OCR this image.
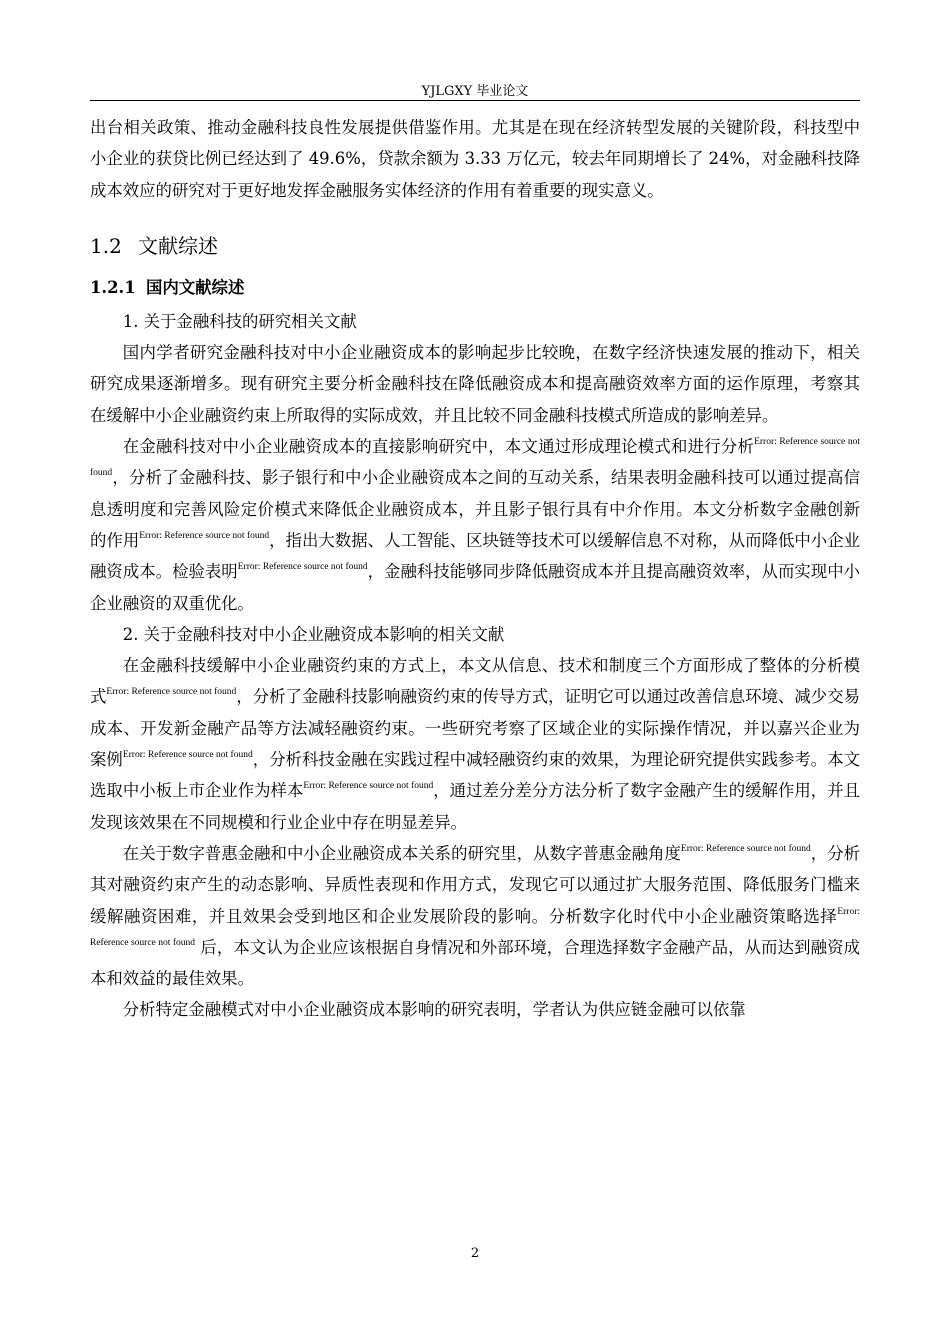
YJLGXY 毕业论文

出台相关政策、推动金融科技良性发展提供借鉴作用。尤其是在现在经济转型发展的关键阶段，科技型中小企业的获贷比例已经达到了 49.6%，贷款余额为 3.33 万亿元，较去年同期增长了 24%，对金融科技降成本效应的研究对于更好地发挥金融服务实体经济的作用有着重要的现实意义。

1.2 文献综述
1.2.1 国内文献综述

1. 关于金融科技的研究相关文献

国内学者研究金融科技对中小企业融资成本的影响起步比较晚，在数字经济快速发展的推动下，相关研究成果逐渐增多。现有研究主要分析金融科技在降低融资成本和提高融资效率方面的运作原理，考察其在缓解中小企业融资约束上所取得的实际成效，并且比较不同金融科技模式所造成的影响差异。

在金融科技对中小企业融资成本的直接影响研究中，本文通过形成理论模式和进行分析$^{Error: Reference source not found}$，分析了金融科技、影子银行和中小企业融资成本之间的互动关系，结果表明金融科技可以通过提高信息透明度和完善风险定价模式来降低企业融资成本，并且影子银行具有中介作用。本文分析数字金融创新的作用$^{Error: Reference source not found}$，指出大数据、人工智能、区块链等技术可以缓解信息不对称，从而降低中小企业融资成本。检验表明$^{Error: Reference source not found}$，金融科技能够同步降低融资成本并且提高融资效率，从而实现中小企业融资的双重优化。

2. 关于金融科技对中小企业融资成本影响的相关文献

在金融科技缓解中小企业融资约束的方式上，本文从信息、技术和制度三个方面形成了整体的分析模式$^{Error: Reference source not found}$，分析了金融科技影响融资约束的传导方式，证明它可以通过改善信息环境、减少交易成本、开发新金融产品等方法减轻融资约束。一些研究考察了区域企业的实际操作情况，并以嘉兴企业为案例$^{Error: Reference source not found}$，分析科技金融在实践过程中减轻融资约束的效果，为理论研究提供实践参考。本文选取中小板上市企业作为样本$^{Error: Reference source not found}$，通过差分差分方法分析了数字金融产生的缓解作用，并且发现该效果在不同规模和行业企业中存在明显差异。

在关于数字普惠金融和中小企业融资成本关系的研究里，从数字普惠金融角度$^{Error: Reference source not found}$，分析其对融资约束产生的动态影响、异质性表现和作用方式，发现它可以通过扩大服务范围、降低服务门槛来缓解融资困难，并且效果会受到地区和企业发展阶段的影响。分析数字化时代中小企业融资策略选择$^{Error: Reference source not found}$ 后，本文认为企业应该根据自身情况和外部环境，合理选择数字金融产品，从而达到融资成本和效益的最佳效果。

分析特定金融模式对中小企业融资成本影响的研究表明，学者认为供应链金融可以依靠

2
